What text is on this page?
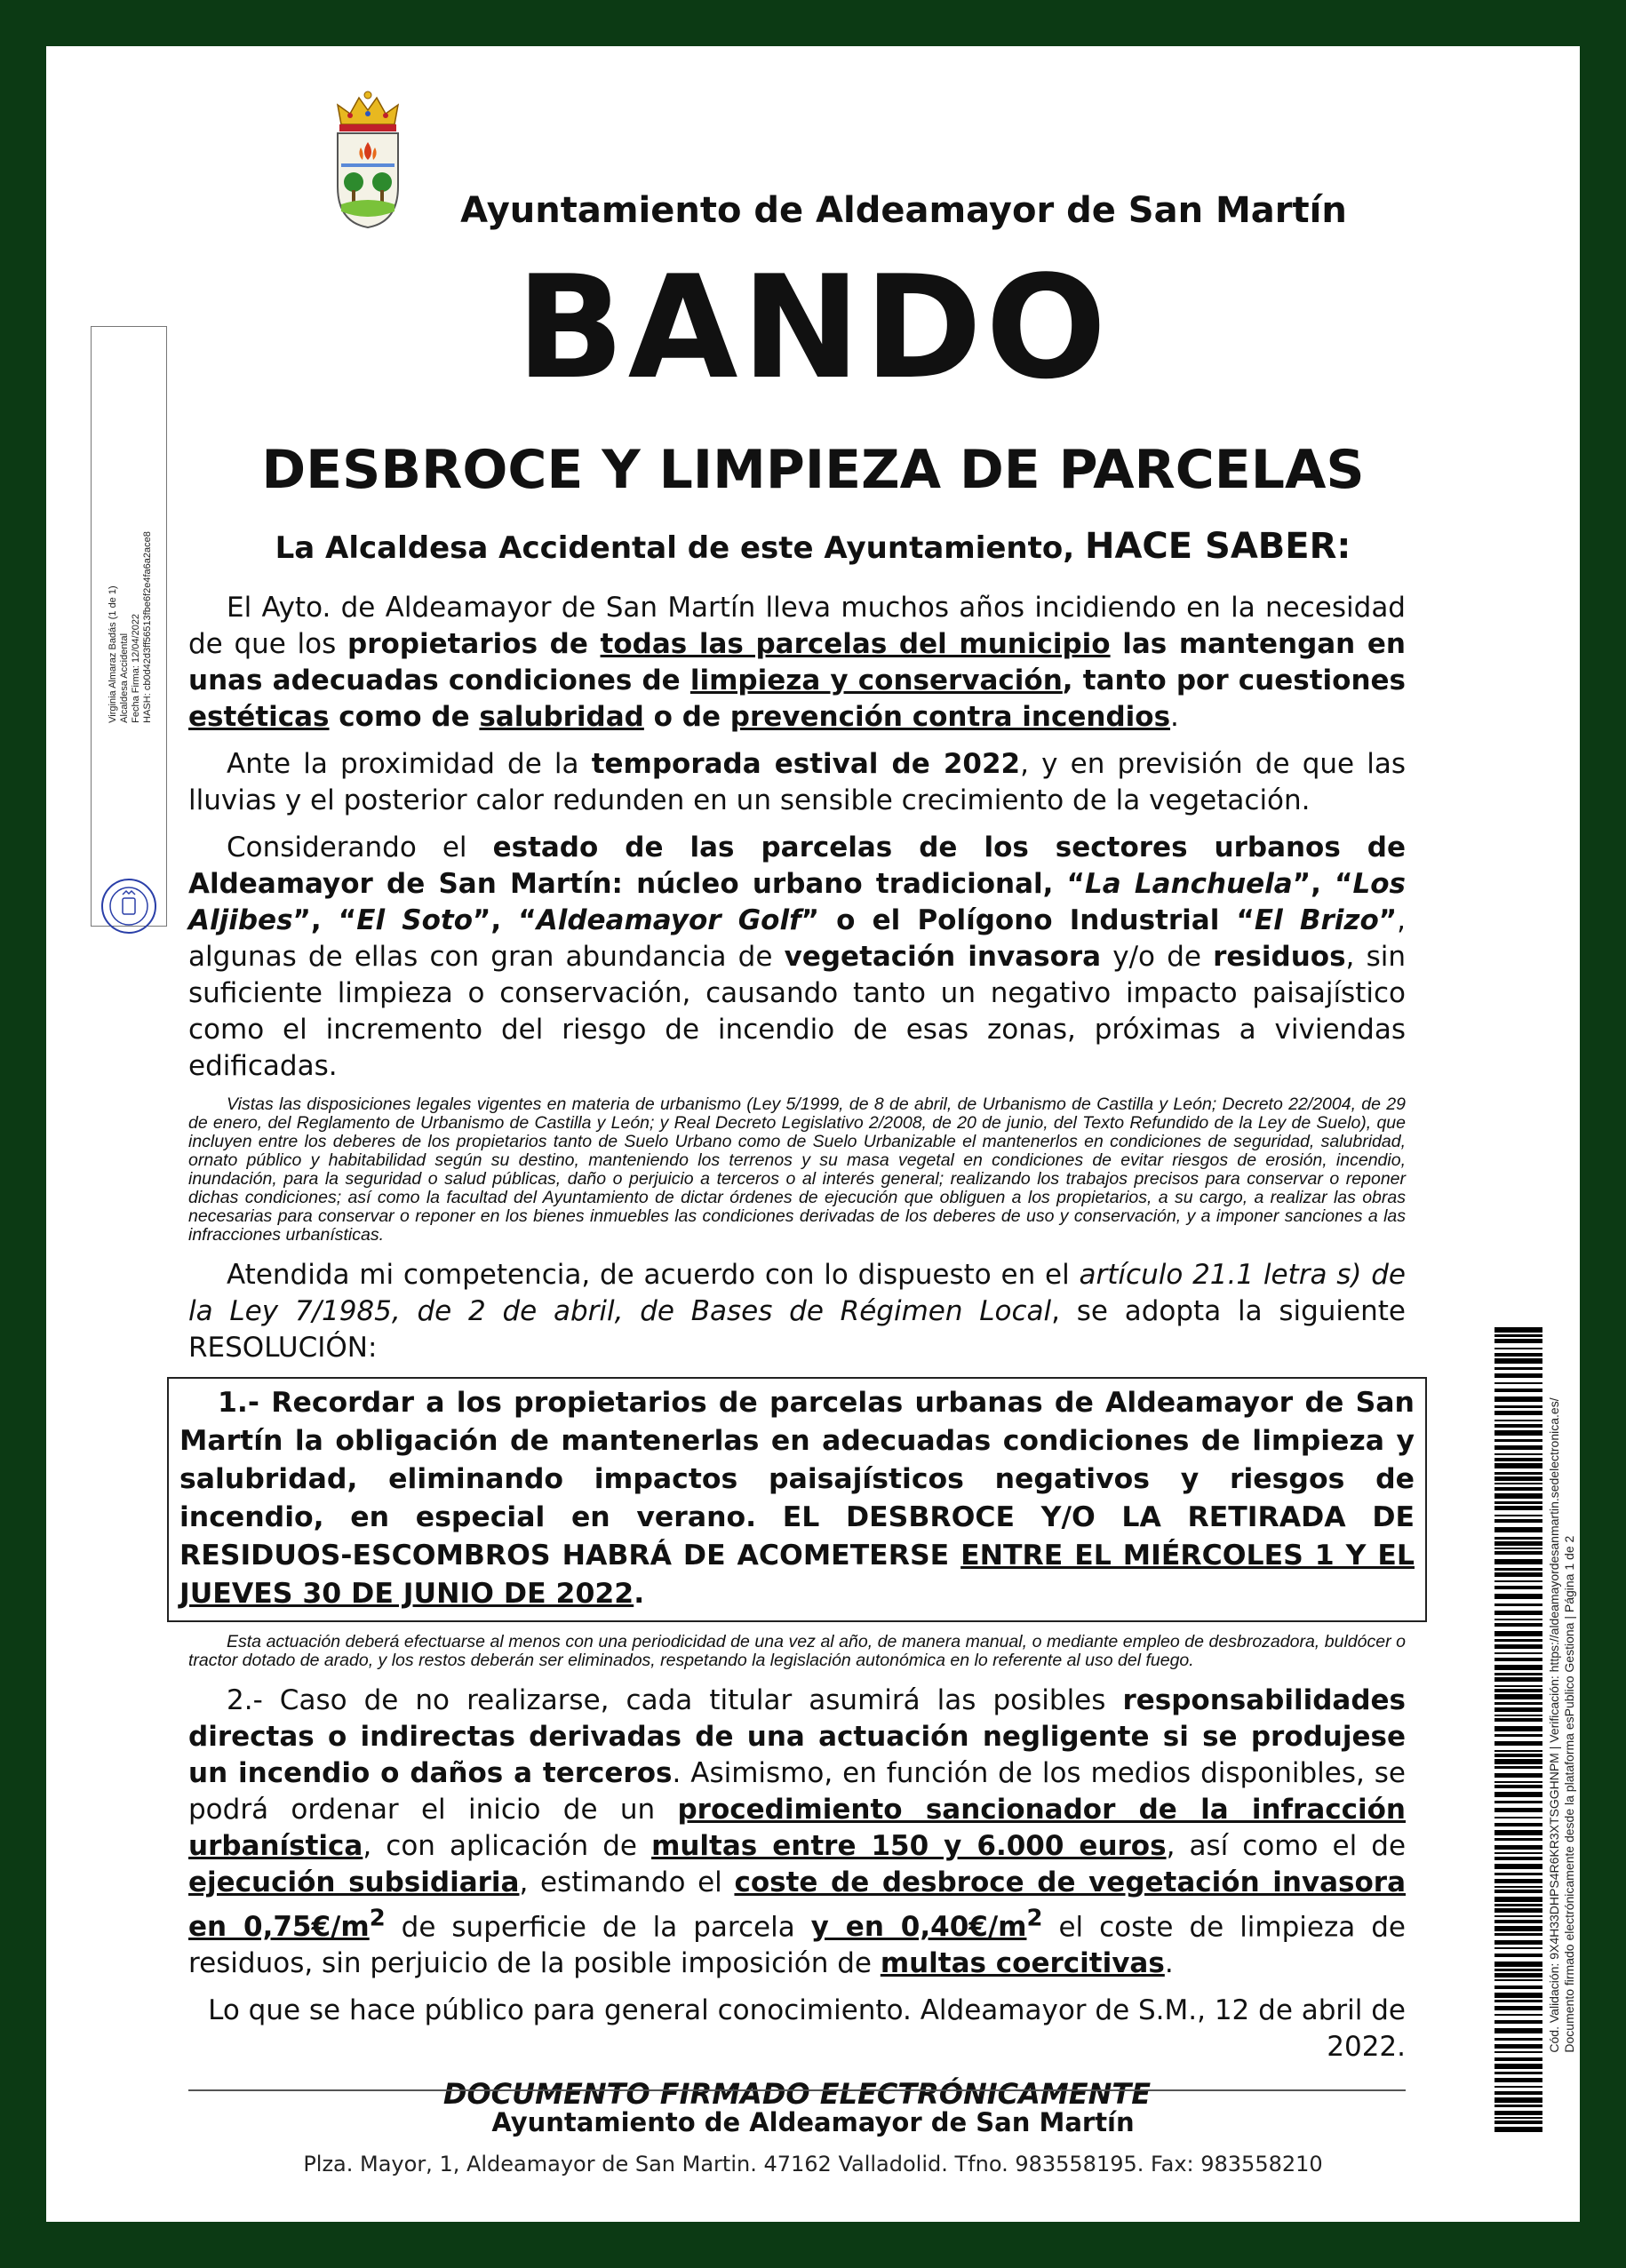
Ayuntamiento de Aldeamayor de San Martín
BANDO
DESBROCE Y LIMPIEZA DE PARCELAS
La Alcaldesa Accidental de este Ayuntamiento, HACE SABER:
Virginia Almaraz Badás (1 de 1) Alcaldesa Accidental Fecha Firma: 12/04/2022 HASH: cb0d42d3ff56513fbe6f2e4fa6a2ace8
Cód. Validación: 9X4H33DHPS4R6KR3XTSGGHNPM | Verificación: https://aldeamayordesanmartin.sedelectronica.es/ Documento firmado electrónicamente desde la plataforma esPublico Gestiona | Página 1 de 2

El Ayto. de Aldeamayor de San Martín lleva muchos años incidiendo en la necesidad de que los propietarios de todas las parcelas del municipio las mantengan en unas adecuadas condiciones de limpieza y conservación, tanto por cuestiones estéticas como de salubridad o de prevención contra incendios.

Ante la proximidad de la temporada estival de 2022, y en previsión de que las lluvias y el posterior calor redunden en un sensible crecimiento de la vegetación.

Considerando el estado de las parcelas de los sectores urbanos de Aldeamayor de San Martín: núcleo urbano tradicional, “La Lanchuela”, “Los Aljibes”, “El Soto”, “Aldeamayor Golf” o el Polígono Industrial “El Brizo”, algunas de ellas con gran abundancia de vegetación invasora y/o de residuos, sin suficiente limpieza o conservación, causando tanto un negativo impacto paisajístico como el incremento del riesgo de incendio de esas zonas, próximas a viviendas edificadas.

Vistas las disposiciones legales vigentes en materia de urbanismo (Ley 5/1999, de 8 de abril, de Urbanismo de Castilla y León; Decreto 22/2004, de 29 de enero, del Reglamento de Urbanismo de Castilla y León; y Real Decreto Legislativo 2/2008, de 20 de junio, del Texto Refundido de la Ley de Suelo), que incluyen entre los deberes de los propietarios tanto de Suelo Urbano como de Suelo Urbanizable el mantenerlos en condiciones de seguridad, salubridad, ornato público y habitabilidad según su destino, manteniendo los terrenos y su masa vegetal en condiciones de evitar riesgos de erosión, incendio, inundación, para la seguridad o salud públicas, daño o perjuicio a terceros o al interés general; realizando los trabajos precisos para conservar o reponer dichas condiciones; así como la facultad del Ayuntamiento de dictar órdenes de ejecución que obliguen a los propietarios, a su cargo, a realizar las obras necesarias para conservar o reponer en los bienes inmuebles las condiciones derivadas de los deberes de uso y conservación, y a imponer sanciones a las infracciones urbanísticas.

Atendida mi competencia, de acuerdo con lo dispuesto en el artículo 21.1 letra s) de la Ley 7/1985, de 2 de abril, de Bases de Régimen Local, se adopta la siguiente RESOLUCIÓN:

1.- Recordar a los propietarios de parcelas urbanas de Aldeamayor de San Martín la obligación de mantenerlas en adecuadas condiciones de limpieza y salubridad, eliminando impactos paisajísticos negativos y riesgos de incendio, en especial en verano. EL DESBROCE Y/O LA RETIRADA DE RESIDUOS-ESCOMBROS HABRÁ DE ACOMETERSE ENTRE EL MIÉRCOLES 1 Y EL JUEVES 30 DE JUNIO DE 2022.

Esta actuación deberá efectuarse al menos con una periodicidad de una vez al año, de manera manual, o mediante empleo de desbrozadora, buldócer o tractor dotado de arado, y los restos deberán ser eliminados, respetando la legislación autonómica en lo referente al uso del fuego.

2.- Caso de no realizarse, cada titular asumirá las posibles responsabilidades directas o indirectas derivadas de una actuación negligente si se produjese un incendio o daños a terceros. Asimismo, en función de los medios disponibles, se podrá ordenar el inicio de un procedimiento sancionador de la infracción urbanística, con aplicación de multas entre 150 y 6.000 euros, así como el de ejecución subsidiaria, estimando el coste de desbroce de vegetación invasora en $0,75€/m^2$ de superficie de la parcela y en $0,40€/m^2$ el coste de limpieza de residuos, sin perjuicio de la posible imposición de multas coercitivas.

Lo que se hace público para general conocimiento. Aldeamayor de S.M., 12 de abril de 2022.

DOCUMENTO FIRMADO ELECTRÓNICAMENTE

Ayuntamiento de Aldeamayor de San Martín
Plza. Mayor, 1, Aldeamayor de San Martin. 47162 Valladolid. Tfno. 983558195. Fax: 983558210
